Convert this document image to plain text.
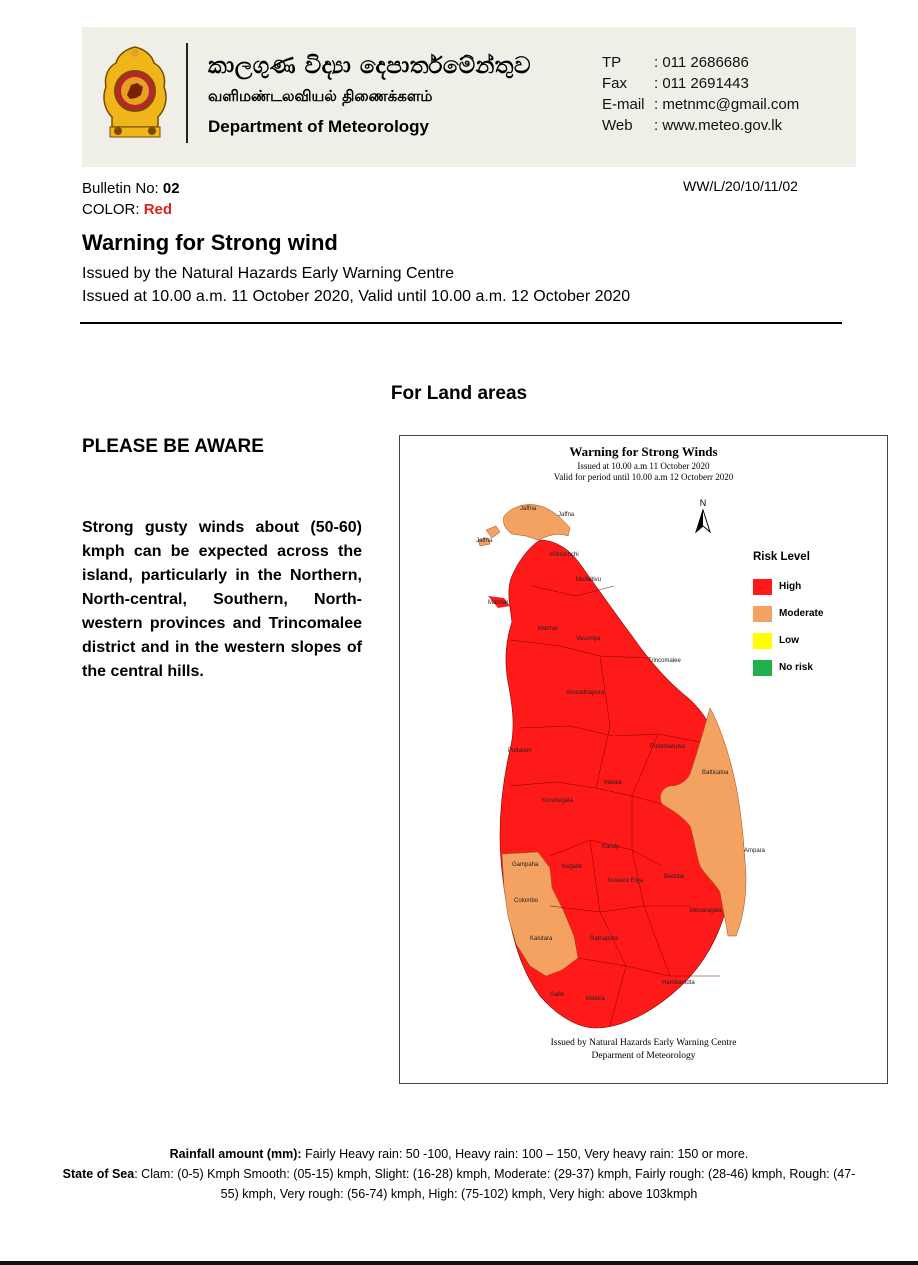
කාලගුණ විද්‍යා දෙපාර්තමේන්තුව
வளிமண்டலவியல் திணைக்களம்
Department of Meteorology
TP	: 011 2686686
Fax	: 011 2691443
E-mail : metnmc@gmail.com
Web	: www.meteo.gov.lk
Bulletin No: 02
COLOR: Red
WW/L/20/10/11/02
Warning for Strong wind
Issued by the Natural Hazards Early Warning Centre
Issued at 10.00 a.m. 11 October 2020, Valid until 10.00 a.m. 12 October 2020
For Land areas
PLEASE BE AWARE
Strong gusty winds about (50-60) kmph can be expected across the island, particularly in the Northern, North-central, Southern, North-western provinces and Trincomalee district and in the western slopes of the central hills.
Warning for Strong Winds
Issued at 10.00 a.m 11 October 2020
Valid for period until 10.00 a.m 12 Octoberr 2020
N
Jaffna
Jaffna
Jaffna
Kilinochchi
Mullaitivu
Mannar
Mannar
Vavuniya
Trincomalee
Anuradhapura
Polonnaruwa
Puttalam
Batticaloa
Kurunegala
Matale
Kandy
Ampara
Gampaha	Kegalle
Nuwara Eliya
Badulla
Colombo
Monaragala
Kalutara	Ratnapura
Hambantota
Galle
Matara
Risk Level
High
Moderate
Low
No risk
Issued by Natural Hazards Early Warning Centre
Deparment of Meteorology
Rainfall amount (mm): Fairly Heavy rain: 50 -100, Heavy rain: 100 – 150, Very heavy rain: 150 or more.
State of Sea: Clam: (0-5) Kmph Smooth: (05-15) kmph, Slight: (16-28) kmph, Moderate: (29-37) kmph, Fairly rough: (28-46) kmph, Rough: (47-55) kmph, Very rough: (56-74) kmph, High: (75-102) kmph, Very high: above 103kmph
